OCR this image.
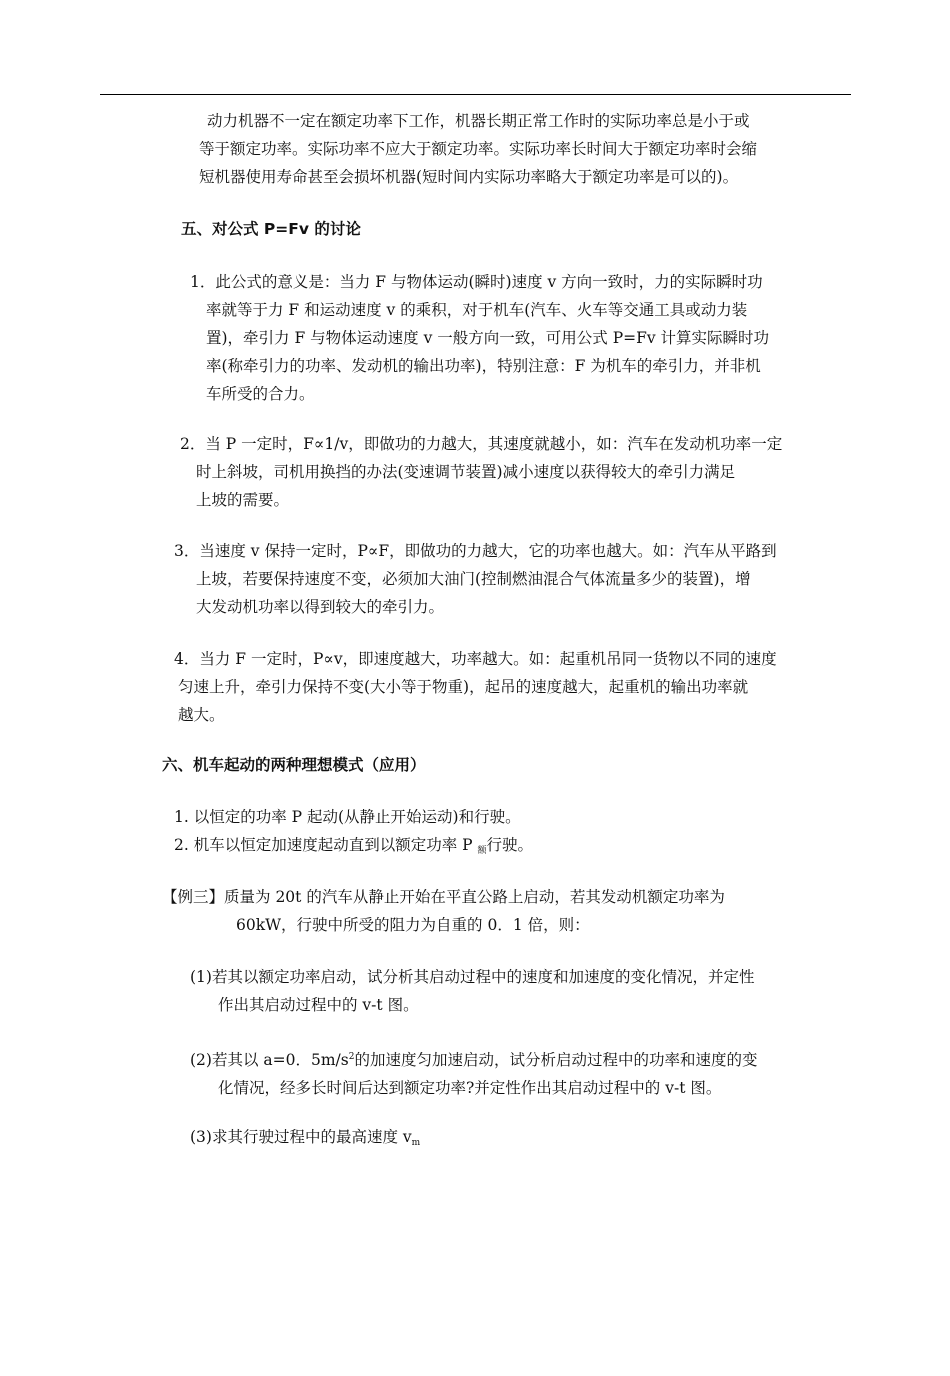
动力机器不一定在额定功率下工作，机器长期正常工作时的实际功率总是小于或
等于额定功率。实际功率不应大于额定功率。实际功率长时间大于额定功率时会缩
短机器使用寿命甚至会损坏机器(短时间内实际功率略大于额定功率是可以的)。
五、对公式 P=Fv 的讨论
1．此公式的意义是：当力 F 与物体运动(瞬时)速度 v 方向一致时，力的实际瞬时功
率就等于力 F 和运动速度 v 的乘积，对于机车(汽车、火车等交通工具或动力装
置)，牵引力 F 与物体运动速度 v 一般方向一致，可用公式 P=Fv 计算实际瞬时功
率(称牵引力的功率、发动机的输出功率)，特别注意：F 为机车的牵引力，并非机
车所受的合力。
2．当 P 一定时，F∝1/v，即做功的力越大，其速度就越小，如：汽车在发动机功率一定
时上斜坡，司机用换挡的办法(变速调节装置)减小速度以获得较大的牵引力满足
上坡的需要。
3．当速度 v 保持一定时，P∝F，即做功的力越大，它的功率也越大。如：汽车从平路到
上坡，若要保持速度不变，必须加大油门(控制燃油混合气体流量多少的装置)，增
大发动机功率以得到较大的牵引力。
4．当力 F 一定时，P∝v，即速度越大，功率越大。如：起重机吊同一货物以不同的速度
匀速上升，牵引力保持不变(大小等于物重)，起吊的速度越大，起重机的输出功率就
越大。
六、机车起动的两种理想模式（应用）
1. 以恒定的功率 P 起动(从静止开始运动)和行驶。
2. 机车以恒定加速度起动直到以额定功率 P $_额$行驶。
【例三】质量为 20t 的汽车从静止开始在平直公路上启动，若其发动机额定功率为
60kW，行驶中所受的阻力为自重的 0．1 倍，则：
(1)若其以额定功率启动，试分析其启动过程中的速度和加速度的变化情况，并定性
作出其启动过程中的 v-t 图。
(2)若其以 a=0．$5m/s^2$的加速度匀加速启动，试分析启动过程中的功率和速度的变
化情况，经多长时间后达到额定功率?并定性作出其启动过程中的 v-t 图。
(3)求其行驶过程中的最高速度 $v_m$
